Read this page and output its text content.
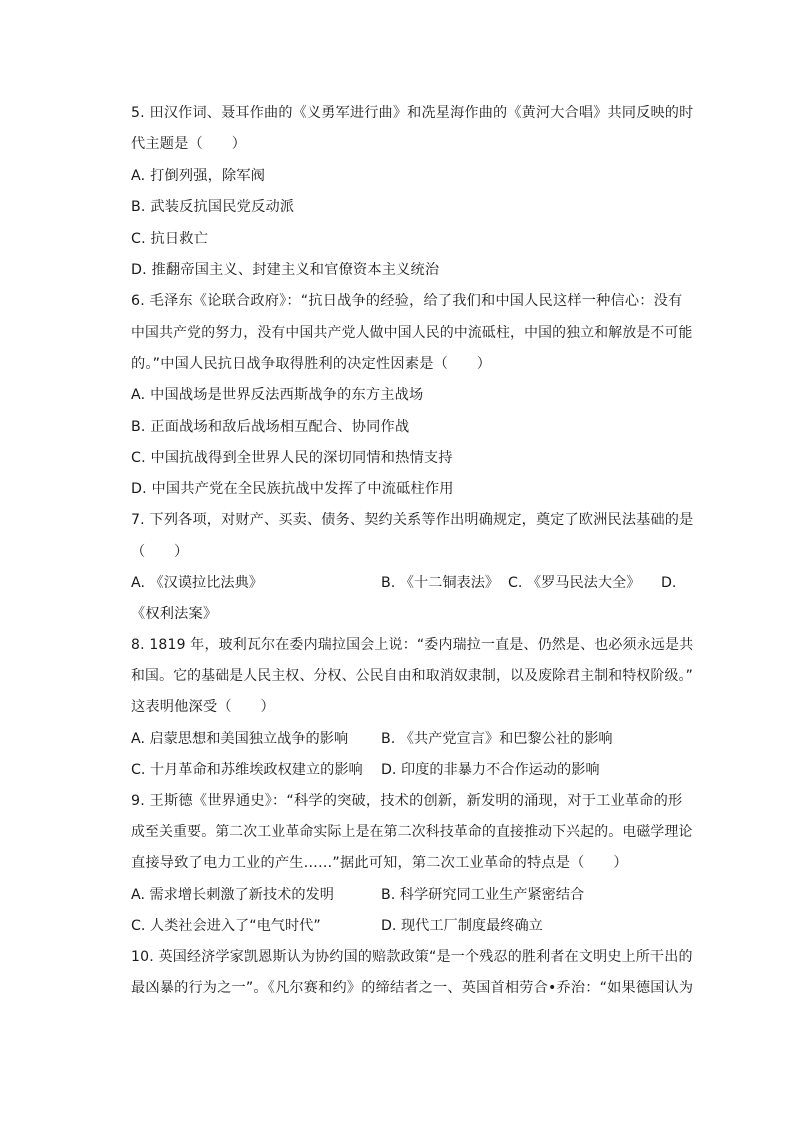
5. 田汉作词、聂耳作曲的《义勇军进行曲》和冼星海作曲的《黄河大合唱》共同反映的时
代主题是（　　）
A. 打倒列强，除军阀
B. 武装反抗国民党反动派
C. 抗日救亡
D. 推翻帝国主义、封建主义和官僚资本主义统治
6. 毛泽东《论联合政府》：“抗日战争的经验，给了我们和中国人民这样一种信心：没有
中国共产党的努力，没有中国共产党人做中国人民的中流砥柱，中国的独立和解放是不可能
的。”中国人民抗日战争取得胜利的决定性因素是（　　）
A. 中国战场是世界反法西斯战争的东方主战场
B. 正面战场和敌后战场相互配合、协同作战
C. 中国抗战得到全世界人民的深切同情和热情支持
D. 中国共产党在全民族抗战中发挥了中流砥柱作用
7. 下列各项，对财产、买卖、债务、契约关系等作出明确规定，奠定了欧洲民法基础的是
（　　）
A. 《汉谟拉比法典》	B. 《十二铜表法》 C. 《罗马民法大全》 D.
《权利法案》
8. 1819 年，玻利瓦尔在委内瑞拉国会上说：“委内瑞拉一直是、仍然是、也必须永远是共
和国。它的基础是人民主权、分权、公民自由和取消奴隶制，以及废除君主制和特权阶级。”
这表明他深受（　　）
A. 启蒙思想和美国独立战争的影响 B. 《共产党宣言》和巴黎公社的影响
C. 十月革命和苏维埃政权建立的影响 D. 印度的非暴力不合作运动的影响
9. 王斯德《世界通史》：“科学的突破，技术的创新，新发明的涌现，对于工业革命的形
成至关重要。第二次工业革命实际上是在第二次科技革命的直接推动下兴起的。电磁学理论
直接导致了电力工业的产生……”据此可知，第二次工业革命的特点是（　　）
A. 需求增长刺激了新技术的发明	B. 科学研究同工业生产紧密结合
C. 人类社会进入了“电气时代”	D. 现代工厂制度最终确立
10. 英国经济学家凯恩斯认为协约国的赔款政策“是一个残忍的胜利者在文明史上所干出的
最凶暴的行为之一”。《凡尔赛和约》的缔结者之一、英国首相劳合•乔治：“如果德国认为
